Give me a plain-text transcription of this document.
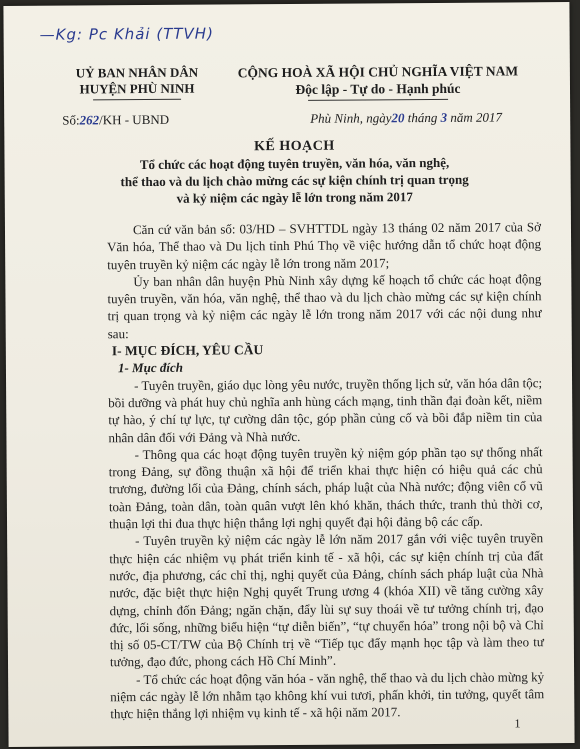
—Kg: Pc Khải (TTVH)
UỶ BAN NHÂN DÂN
HUYỆN PHÙ NINH
CỘNG HOÀ XÃ HỘI CHỦ NGHĨA VIỆT NAM
Độc lập - Tự do - Hạnh phúc
Số:262/KH - UBND	Phù Ninh, ngày20 tháng 3 năm 2017
KẾ HOẠCH
Tổ chức các hoạt động tuyên truyền, văn hóa, văn nghệ,
thể thao và du lịch chào mừng các sự kiện chính trị quan trọng
và kỷ niệm các ngày lễ lớn trong năm 2017

Căn cứ văn bản số: 03/HD – SVHTTDL ngày 13 tháng 02 năm 2017 của Sở Văn hóa, Thể thao và Du lịch tỉnh Phú Thọ về việc hướng dẫn tổ chức hoạt động tuyên truyền kỷ niệm các ngày lễ lớn trong năm 2017;

Ủy ban nhân dân huyện Phù Ninh xây dựng kế hoạch tổ chức các hoạt động tuyên truyền, văn hóa, văn nghệ, thể thao và du lịch chào mừng các sự kiện chính trị quan trọng và kỷ niệm các ngày lễ lớn trong năm 2017 với các nội dung như sau:

I- MỤC ĐÍCH, YÊU CẦU

1- Mục đích

- Tuyên truyền, giáo dục lòng yêu nước, truyền thống lịch sử, văn hóa dân tộc; bồi dưỡng và phát huy chủ nghĩa anh hùng cách mạng, tinh thần đại đoàn kết, niềm tự hào, ý chí tự lực, tự cường dân tộc, góp phần củng cố và bồi đắp niềm tin của nhân dân đối với Đảng và Nhà nước.

- Thông qua các hoạt động tuyên truyền kỷ niệm góp phần tạo sự thống nhất trong Đảng, sự đồng thuận xã hội để triển khai thực hiện có hiệu quả các chủ trương, đường lối của Đảng, chính sách, pháp luật của Nhà nước; động viên cổ vũ toàn Đảng, toàn dân, toàn quân vượt lên khó khăn, thách thức, tranh thủ thời cơ, thuận lợi thi đua thực hiện thắng lợi nghị quyết đại hội đảng bộ các cấp.

- Tuyên truyền kỷ niệm các ngày lễ lớn năm 2017 gắn với việc tuyên truyền thực hiện các nhiệm vụ phát triển kinh tế - xã hội, các sự kiện chính trị của đất nước, địa phương, các chỉ thị, nghị quyết của Đảng, chính sách pháp luật của Nhà nước, đặc biệt thực hiện Nghị quyết Trung ương 4 (khóa XII) về tăng cường xây dựng, chỉnh đốn Đảng; ngăn chặn, đẩy lùi sự suy thoái về tư tưởng chính trị, đạo đức, lối sống, những biểu hiện “tự diễn biến”, “tự chuyển hóa” trong nội bộ và Chỉ thị số 05-CT/TW của Bộ Chính trị về “Tiếp tục đẩy mạnh học tập và làm theo tư tưởng, đạo đức, phong cách Hồ Chí Minh”.

- Tổ chức các hoạt động văn hóa - văn nghệ, thể thao và du lịch chào mừng kỷ niệm các ngày lễ lớn nhằm tạo không khí vui tươi, phấn khởi, tin tưởng, quyết tâm thực hiện thắng lợi nhiệm vụ kinh tế - xã hội năm 2017.

1
